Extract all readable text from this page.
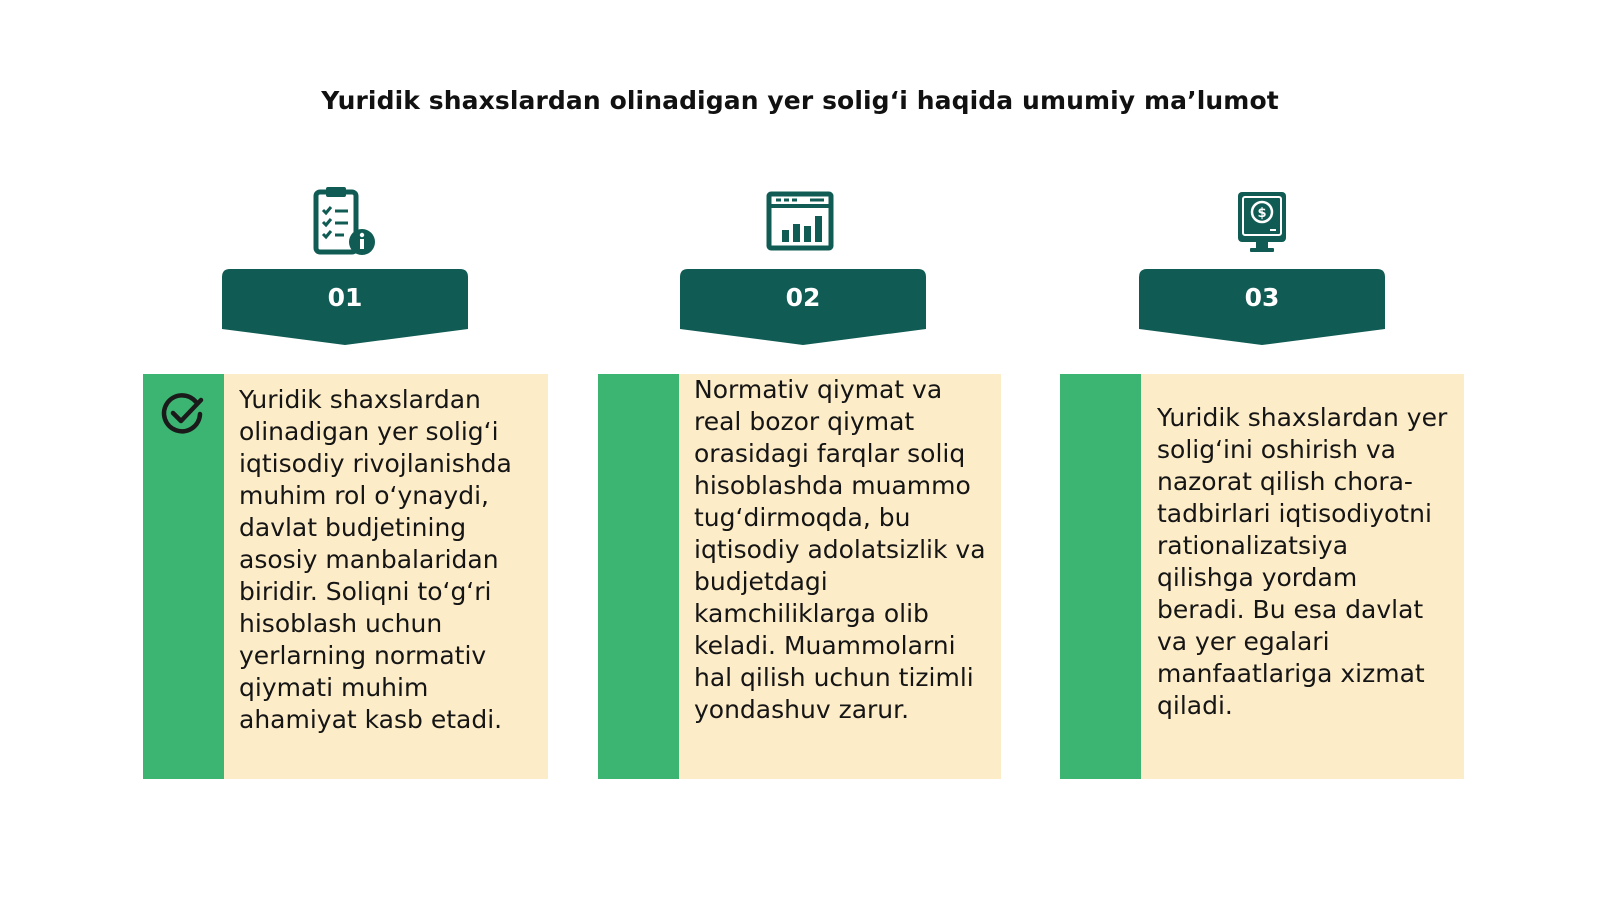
Yuridik shaxslardan olinadigan yer solig‘i haqida umumiy ma’lumot
01
Yuridik shaxslardan olinadigan yer solig‘i iqtisodiy rivojlanishda muhim rol o‘ynaydi, davlat budjetining asosiy manbalaridan biridir. Soliqni to‘g‘ri hisoblash uchun yerlarning normativ qiymati muhim ahamiyat kasb etadi.
02
Normativ qiymat va real bozor qiymat orasidagi farqlar soliq hisoblashda muammo tug‘dirmoqda, bu iqtisodiy adolatsizlik va budjetdagi kamchiliklarga olib keladi. Muammolarni hal qilish uchun tizimli yondashuv zarur.
$
03
Yuridik shaxslardan yer solig‘ini oshirish va nazorat qilish chora-tadbirlari iqtisodiyotni rationalizatsiya qilishga yordam beradi. Bu esa davlat va yer egalari manfaatlariga xizmat qiladi.
